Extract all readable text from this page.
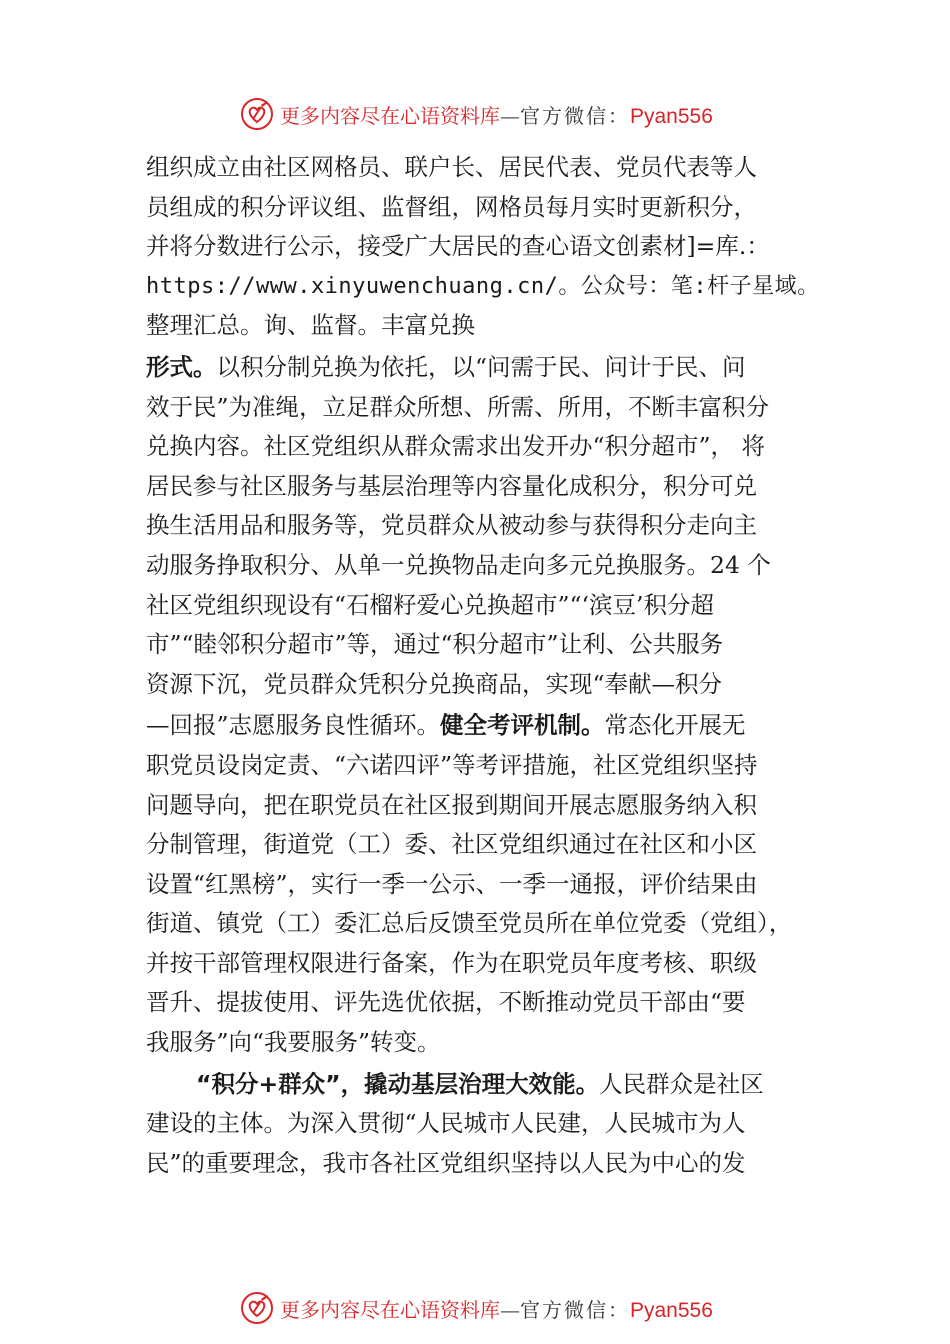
更多内容尽在心语资料库—官方微信：Pyan556
组织成立由社区网格员、联户长、居民代表、党员代表等人
员组成的积分评议组、监督组，网格员每月实时更新积分，
并将分数进行公示，接受广大居民的查心语文创素材]=库.：
https://www.xinyuwenchuang.cn/。公众号：笔:杆子星域。
整理汇总。询、监督。丰富兑换
形式。以积分制兑换为依托，以“问需于民、问计于民、问
效于民”为准绳，立足群众所想、所需、所用，不断丰富积分
兑换内容。社区党组织从群众需求出发开办“积分超市”， 将
居民参与社区服务与基层治理等内容量化成积分，积分可兑
换生活用品和服务等，党员群众从被动参与获得积分走向主
动服务挣取积分、从单一兑换物品走向多元兑换服务。24 个
社区党组织现设有“石榴籽爱心兑换超市”“‘滨豆’积分超
市”“睦邻积分超市”等，通过“积分超市”让利、公共服务
资源下沉，党员群众凭积分兑换商品，实现“奉献—积分
—回报”志愿服务良性循环。健全考评机制。常态化开展无
职党员设岗定责、“六诺四评”等考评措施，社区党组织坚持
问题导向，把在职党员在社区报到期间开展志愿服务纳入积
分制管理，街道党（工）委、社区党组织通过在社区和小区
设置“红黑榜”，实行一季一公示、一季一通报，评价结果由
街道、镇党（工）委汇总后反馈至党员所在单位党委（党组），
并按干部管理权限进行备案，作为在职党员年度考核、职级
晋升、提拔使用、评先选优依据，不断推动党员干部由“要
我服务”向“我要服务”转变。
“积分+群众”，撬动基层治理大效能。人民群众是社区
建设的主体。为深入贯彻“人民城市人民建，人民城市为人
民”的重要理念，我市各社区党组织坚持以人民为中心的发
更多内容尽在心语资料库—官方微信：Pyan556
